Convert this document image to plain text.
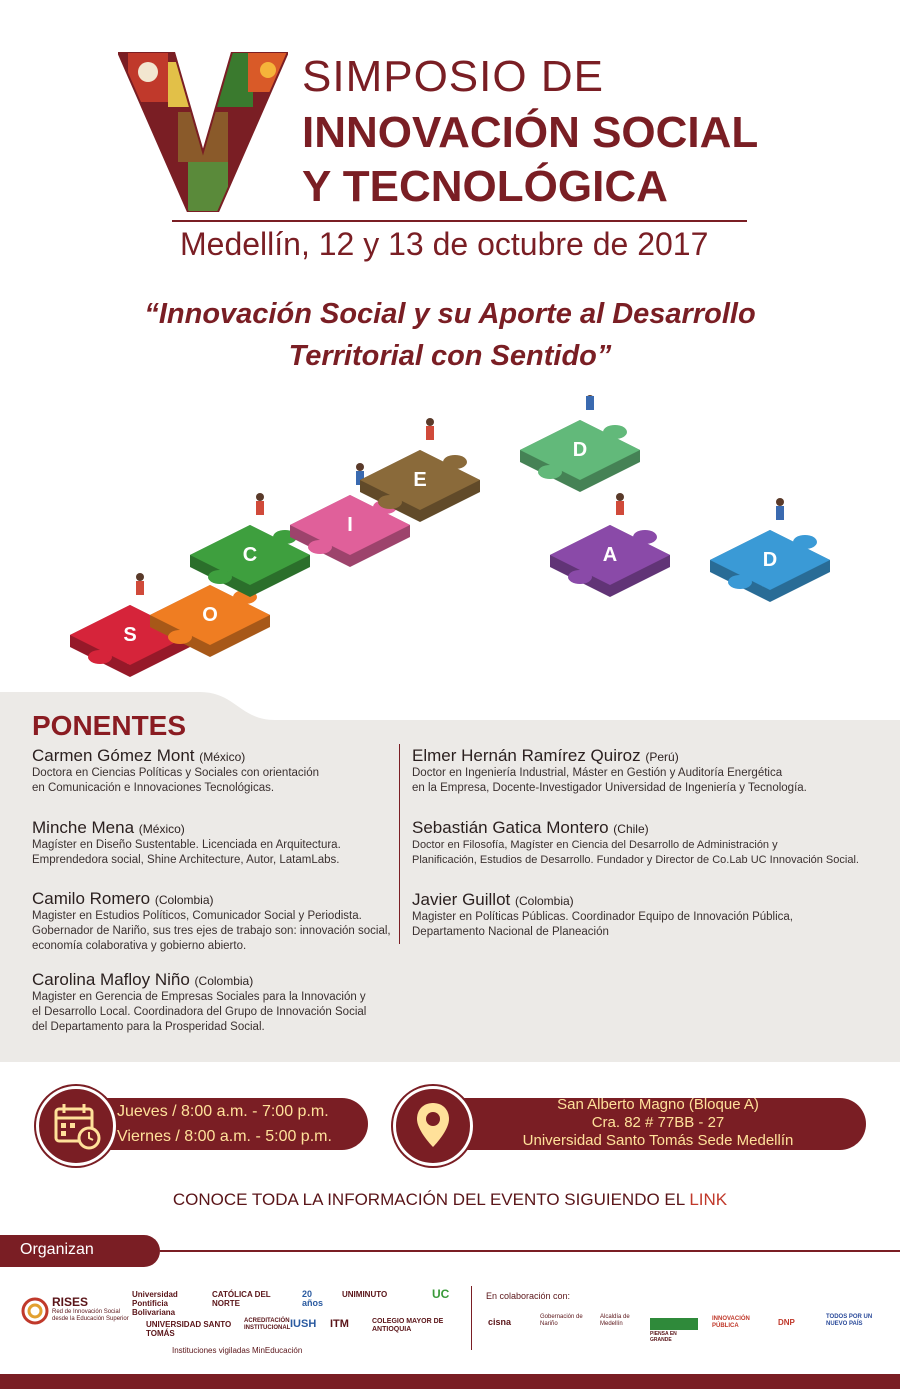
SIMPOSIO DE
INNOVACIÓN SOCIAL
Y TECNOLÓGICA
Medellín, 12 y 13 de octubre de 2017
“Innovación Social y su Aporte al Desarrollo
Territorial con Sentido”
S
O
C
I
E
D
A	D
PONENTES
Carmen Gómez Mont (México)
Doctora en Ciencias Políticas y Sociales con orientación
en Comunicación e Innovaciones Tecnológicas.
Minche Mena (México)
Magíster en Diseño Sustentable. Licenciada en Arquitectura.
Emprendedora social, Shine Architecture, Autor, LatamLabs.
Camilo Romero (Colombia)
Magister en Estudios Políticos, Comunicador Social y Periodista.
Gobernador de Nariño, sus tres ejes de trabajo son: innovación social,
economía colaborativa y gobierno abierto.
Carolina Mafloy Niño (Colombia)
Magister en Gerencia de Empresas Sociales para la Innovación y
el Desarrollo Local. Coordinadora del Grupo de Innovación Social
del Departamento para la Prosperidad Social.
Elmer Hernán Ramírez Quiroz (Perú)
Doctor en Ingeniería Industrial, Máster en Gestión y Auditoría Energética
en la Empresa, Docente-Investigador Universidad de Ingeniería y Tecnología.
Sebastián Gatica Montero (Chile)
Doctor en Filosofía, Magíster en Ciencia del Desarrollo de Administración y
Planificación, Estudios de Desarrollo. Fundador y Director de Co.Lab UC Innovación Social.
Javier Guillot (Colombia)
Magister en Políticas Públicas. Coordinador Equipo de Innovación Pública,
Departamento Nacional de Planeación
Jueves / 8:00 a.m. - 7:00 p.m.
Viernes / 8:00 a.m. - 5:00 p.m.
San Alberto Magno (Bloque A)
Cra. 82 # 77BB - 27
Universidad Santo Tomás Sede Medellín
CONOCE TODA LA INFORMACIÓN DEL EVENTO SIGUIENDO EL LINK
Organizan
RISES
Red de Innovación Social
desde la Educación Superior
Universidad Pontificia Bolivariana
CATÓLICA DEL NORTE
20 años
UNIMINUTO	UC
UNIVERSIDAD SANTO TOMÁS
ACREDITACIÓN INSTITUCIONAL IUSH	ITM	COLEGIO MAYOR DE ANTIOQUIA
Instituciones vigiladas MinEducación
En colaboración con:
cisna	Gobernación de Nariño
Alcaldía de Medellín
PIENSA EN GRANDE
INNOVACIÓN PÚBLICA	DNP
TODOS POR UN NUEVO PAÍS
